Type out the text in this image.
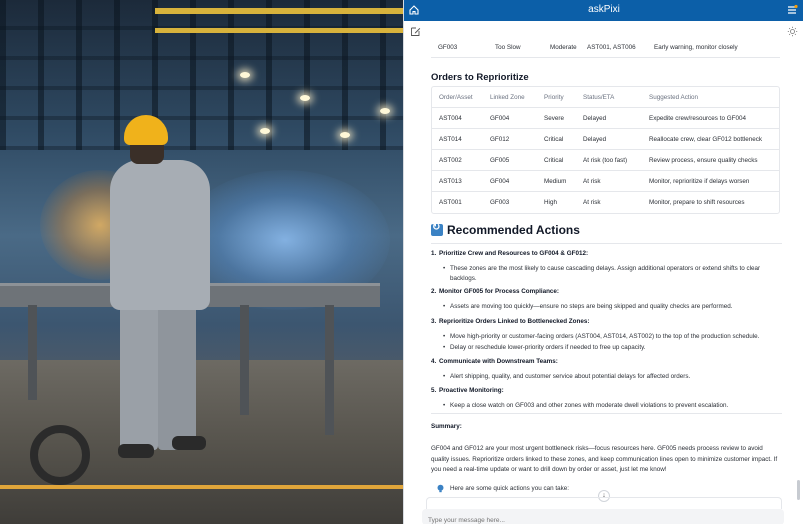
askPixi
GF003	Too Slow	Moderate AST001, AST006	Early warning, monitor closely
Orders to Reprioritize
Order/Asset	Linked Zone	Priority	Status/ETA	Suggested Action
AST004	GF004	Severe	Delayed	Expedite crew/resources to GF004
AST014	GF012	Critical	Delayed	Reallocate crew, clear GF012 bottleneck
AST002	GF005	Critical	At risk (too fast)	Review process, ensure quality checks
AST013	GF004	Medium	At risk	Monitor, reprioritize if delays worsen
AST001	GF003	High	At risk	Monitor, prepare to shift resources
↻
Recommended Actions
1. Prioritize Crew and Resources to GF004 & GF012:
• These zones are the most likely to cause cascading delays. Assign additional operators or extend shifts to clear backlogs.
2. Monitor GF005 for Process Compliance:
• Assets are moving too quickly—ensure no steps are being skipped and quality checks are performed.
3. Reprioritize Orders Linked to Bottlenecked Zones:
• Move high-priority or customer-facing orders (AST004, AST014, AST002) to the top of the production schedule.
• Delay or reschedule lower-priority orders if needed to free up capacity.
4. Communicate with Downstream Teams:
• Alert shipping, quality, and customer service about potential delays for affected orders.
5. Proactive Monitoring:
• Keep a close watch on GF003 and other zones with moderate dwell violations to prevent escalation.
Summary:
GF004 and GF012 are your most urgent bottleneck risks—focus resources here. GF005 needs process review to avoid quality issues. Reprioritize orders linked to these zones, and keep communication lines open to minimize customer impact. If you need a real-time update or want to drill down by order or asset, just let me know!
Here are some quick actions you can take:
↓
Type your message here...
